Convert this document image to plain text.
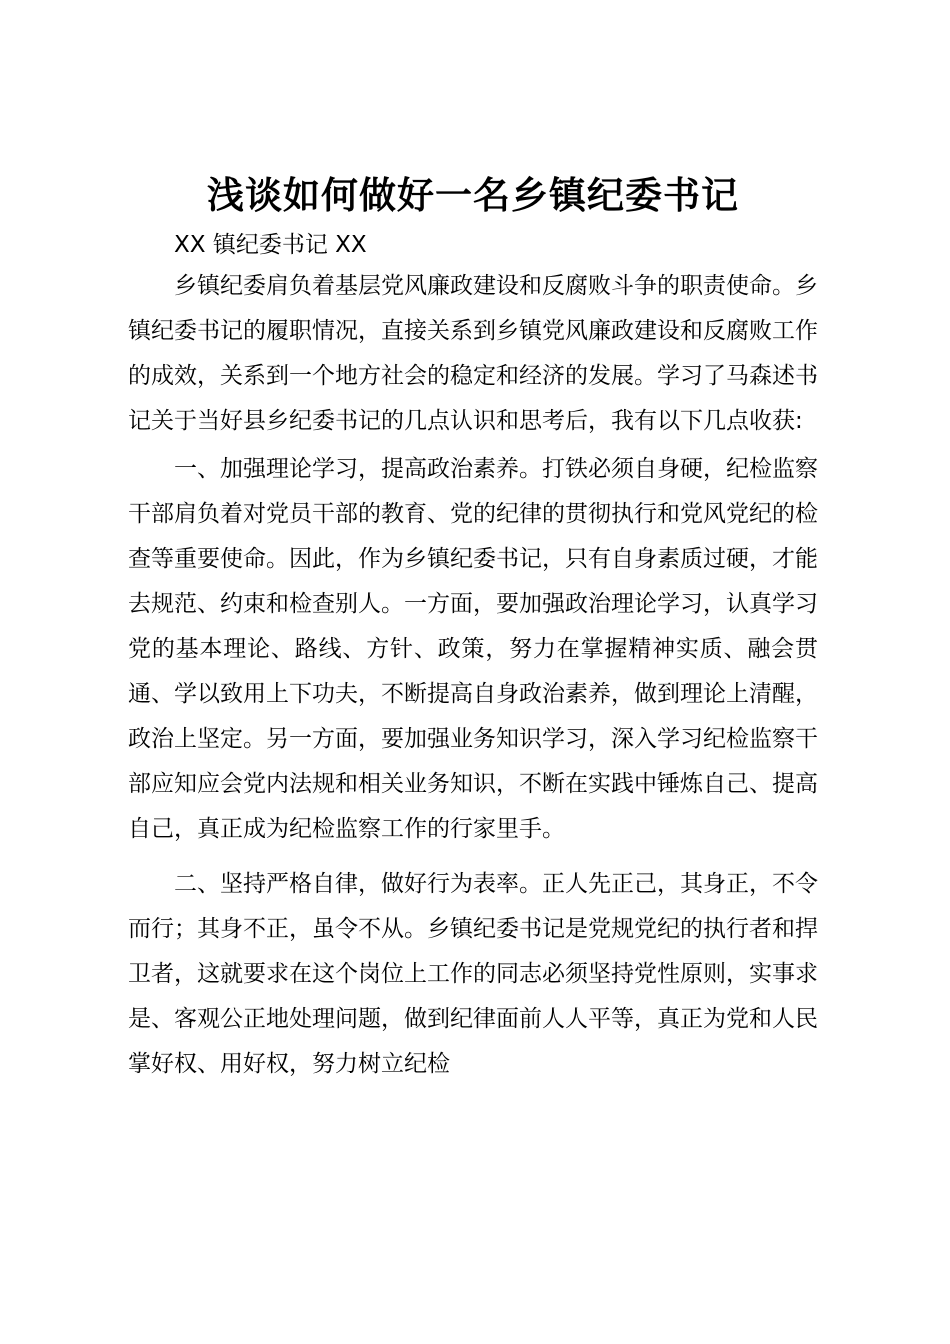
浅谈如何做好一名乡镇纪委书记

XX 镇纪委书记 XX

乡镇纪委肩负着基层党风廉政建设和反腐败斗争的职责使命。乡镇纪委书记的履职情况，直接关系到乡镇党风廉政建设和反腐败工作的成效，关系到一个地方社会的稳定和经济的发展。学习了马森述书记关于当好县乡纪委书记的几点认识和思考后，我有以下几点收获:

一、加强理论学习，提高政治素养。打铁必须自身硬，纪检监察干部肩负着对党员干部的教育、党的纪律的贯彻执行和党风党纪的检查等重要使命。因此，作为乡镇纪委书记，只有自身素质过硬，才能去规范、约束和检查别人。一方面，要加强政治理论学习，认真学习党的基本理论、路线、方针、政策，努力在掌握精神实质、融会贯通、学以致用上下功夫，不断提高自身政治素养，做到理论上清醒，政治上坚定。另一方面，要加强业务知识学习，深入学习纪检监察干部应知应会党内法规和相关业务知识，不断在实践中锤炼自己、提高自己，真正成为纪检监察工作的行家里手。

二、坚持严格自律，做好行为表率。正人先正己，其身正，不令而行；其身不正，虽令不从。乡镇纪委书记是党规党纪的执行者和捍卫者，这就要求在这个岗位上工作的同志必须坚持党性原则，实事求是、客观公正地处理问题，做到纪律面前人人平等，真正为党和人民掌好权、用好权，努力树立纪检
